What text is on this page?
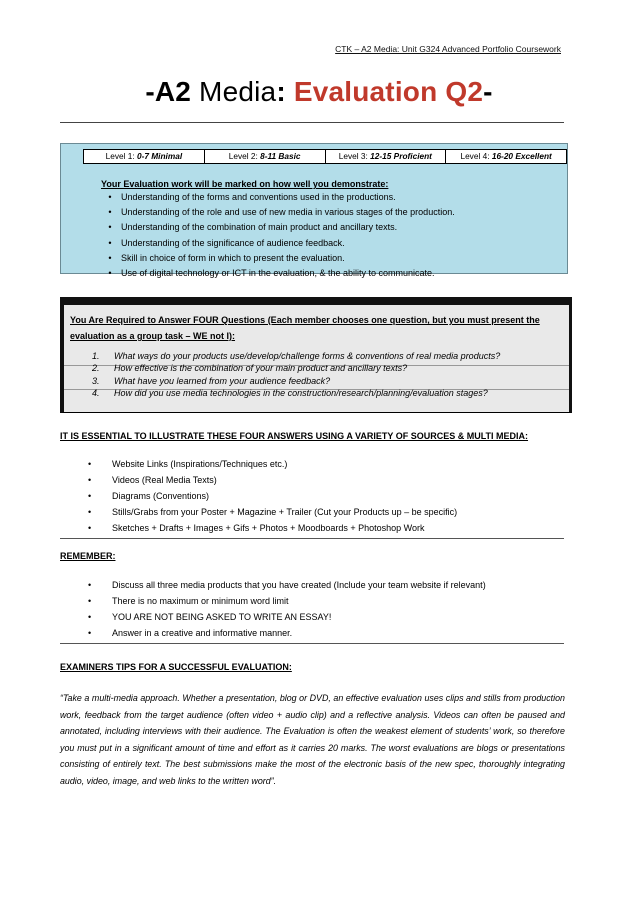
CTK – A2 Media: Unit G324 Advanced Portfolio Coursework
-A2 Media: Evaluation Q2-
Level 1: 0-7 Minimal	Level 2: 8-11 Basic	Level 3: 12-15 Proficient	Level 4: 16-20 Excellent
Your Evaluation work will be marked on how well you demonstrate:
• Understanding of the forms and conventions used in the productions.
• Understanding of the role and use of new media in various stages of the production.
• Understanding of the combination of main product and ancillary texts.
• Understanding of the significance of audience feedback.
• Skill in choice of form in which to present the evaluation.
• Use of digital technology or ICT in the evaluation, & the ability to communicate.
You Are Required to Answer FOUR Questions (Each member chooses one question, but you must present the evaluation as a group task – WE not I):
1. What ways do your products use/develop/challenge forms & conventions of real media products?
2. How effective is the combination of your main product and ancillary texts?
3. What have you learned from your audience feedback?
4. How did you use media technologies in the construction/research/planning/evaluation stages?
IT IS ESSENTIAL TO ILLUSTRATE THESE FOUR ANSWERS USING A VARIETY OF SOURCES & MULTI MEDIA:
• Website Links (Inspirations/Techniques etc.)
• Videos (Real Media Texts)
• Diagrams (Conventions)
• Stills/Grabs from your Poster + Magazine + Trailer (Cut your Products up – be specific)
• Sketches + Drafts + Images + Gifs + Photos + Moodboards + Photoshop Work
REMEMBER:
• Discuss all three media products that you have created (Include your team website if relevant)
• There is no maximum or minimum word limit
• YOU ARE NOT BEING ASKED TO WRITE AN ESSAY!
• Answer in a creative and informative manner.
EXAMINERS TIPS FOR A SUCCESSFUL EVALUATION:
“Take a multi-media approach. Whether a presentation, blog or DVD, an effective evaluation uses clips and stills from production work, feedback from the target audience (often video + audio clip) and a reflective analysis. Videos can often be paused and annotated, including interviews with their audience. The Evaluation is often the weakest element of students’ work, so therefore you must put in a significant amount of time and effort as it carries 20 marks. The worst evaluations are blogs or presentations consisting of entirely text. The best submissions make the most of the electronic basis of the new spec, thoroughly integrating audio, video, image, and web links to the written word”.
